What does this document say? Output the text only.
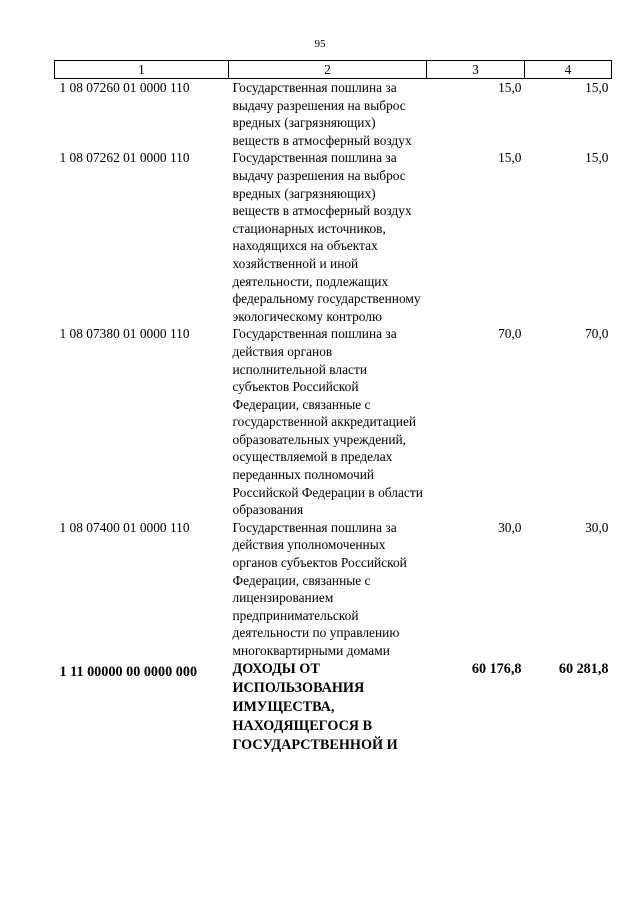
95
1	2	3	4
1 08 07260 01 0000 110	Государственная пошлина за выдачу разрешения на выброс вредных (загрязняющих) веществ в атмосферный воздух	15,0	15,0
1 08 07262 01 0000 110	Государственная пошлина за выдачу разрешения на выброс вредных (загрязняющих) веществ в атмосферный воздух стационарных источников, находящихся на объектах хозяйственной и иной деятельности, подлежащих федеральному государственному экологическому контролю	15,0	15,0
1 08 07380 01 0000 110	Государственная пошлина за действия органов исполнительной власти субъектов Российской Федерации, связанные с государственной аккредитацией образовательных учреждений, осуществляемой в пределах переданных полномочий Российской Федерации в области образования	70,0	70,0
1 08 07400 01 0000 110	Государственная пошлина за действия уполномоченных органов субъектов Российской Федерации, связанные с лицензированием предпринимательской деятельности по управлению многоквартирными домами	30,0	30,0
1 11 00000 00 0000 000	ДОХОДЫ ОТ ИСПОЛЬЗОВАНИЯ ИМУЩЕСТВА, НАХОДЯЩЕГОСЯ В ГОСУДАРСТВЕННОЙ И	60 176,8	60 281,8
